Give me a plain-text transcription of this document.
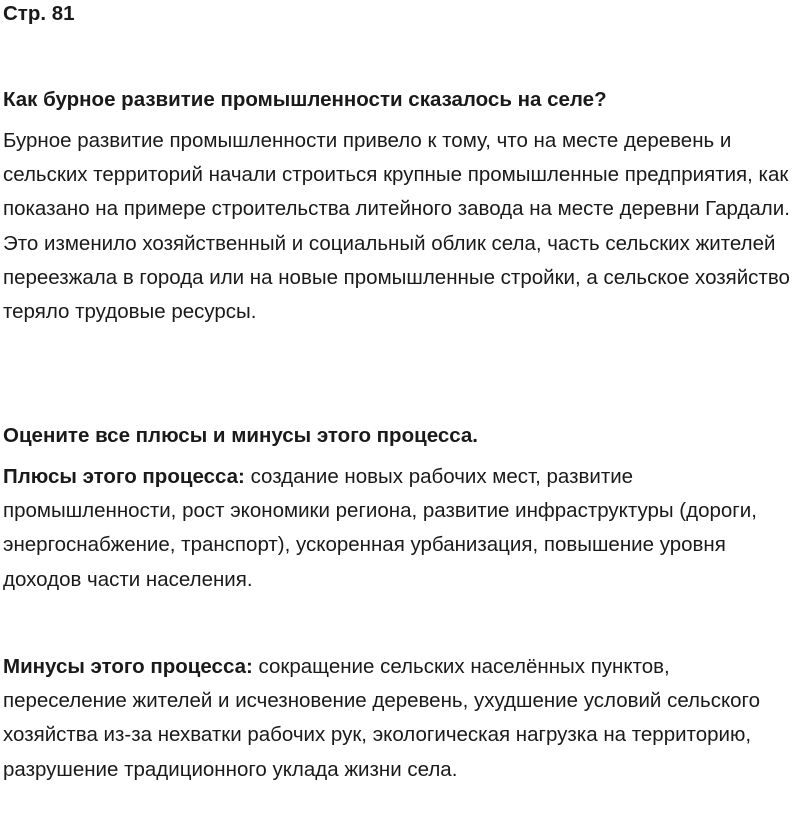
Стр. 81

Как бурное развитие промышленности сказалось на селе?

Бурное развитие промышленности привело к тому, что на месте деревень и сельских территорий начали строиться крупные промышленные предприятия, как показано на примере строительства литейного завода на месте деревни Гардали. Это изменило хозяйственный и социальный облик села, часть сельских жителей переезжала в города или на новые промышленные стройки, а сельское хозяйство теряло трудовые ресурсы.

Оцените все плюсы и минусы этого процесса.

Плюсы этого процесса: создание новых рабочих мест, развитие промышленности, рост экономики региона, развитие инфраструктуры (дороги, энергоснабжение, транспорт), ускоренная урбанизация, повышение уровня доходов части населения.

Минусы этого процесса: сокращение сельских населённых пунктов, переселение жителей и исчезновение деревень, ухудшение условий сельского хозяйства из-за нехватки рабочих рук, экологическая нагрузка на территорию, разрушение традиционного уклада жизни села.
